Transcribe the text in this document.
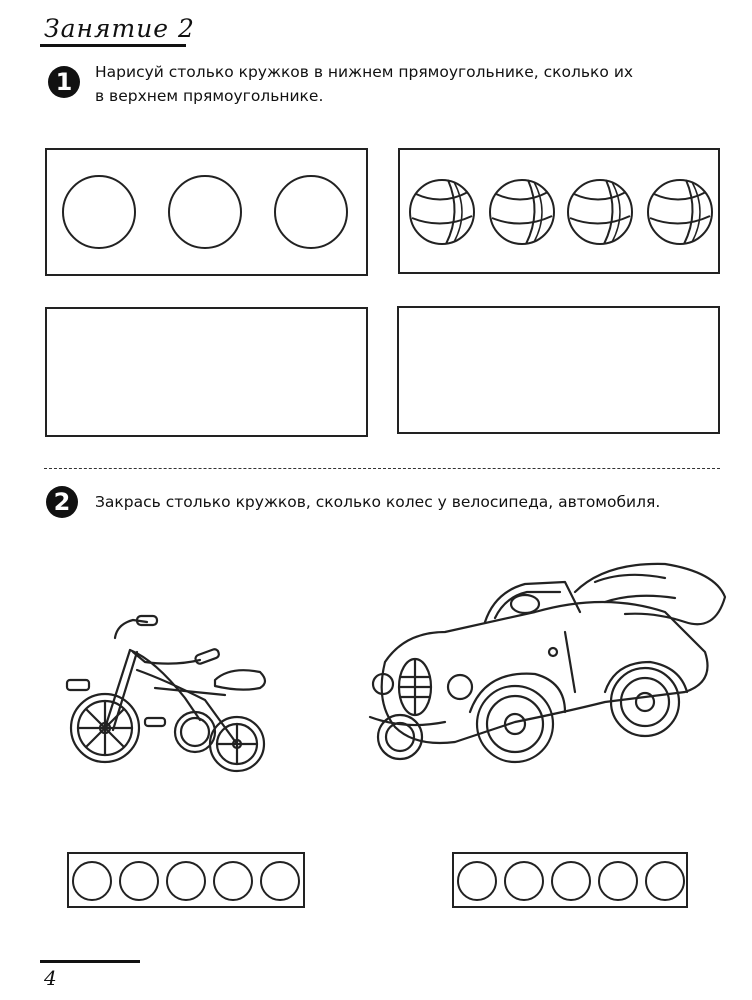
Занятие 2
1	Нарисуй столько кружков в нижнем прямоугольнике, сколько их
в верхнем прямоугольнике.
2	Закрась столько кружков, сколько колес у велосипеда, автомобиля.
4
